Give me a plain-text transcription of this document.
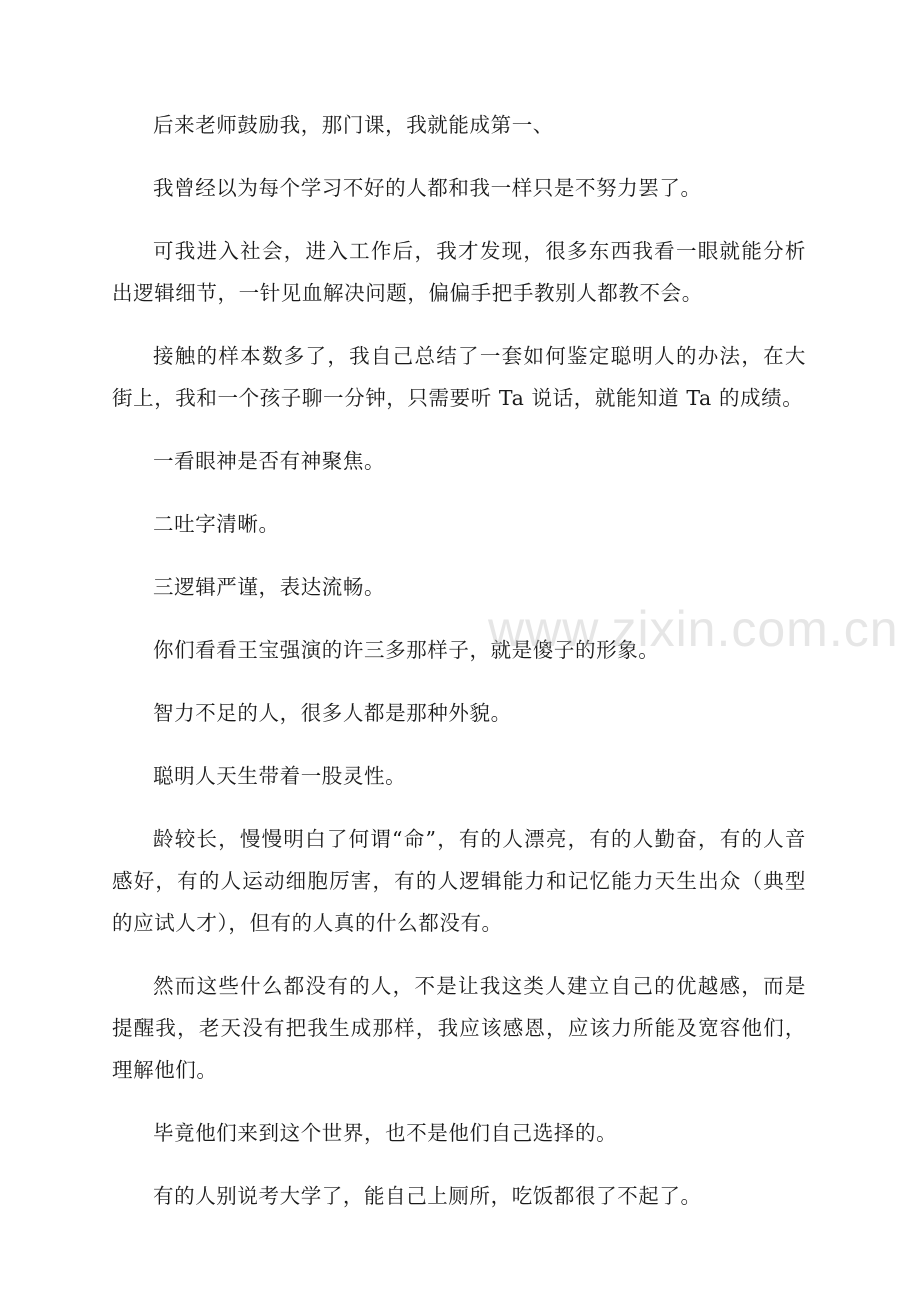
后来老师鼓励我，那门课，我就能成第一、

我曾经以为每个学习不好的人都和我一样只是不努力罢了。

可我进入社会，进入工作后，我才发现，很多东西我看一眼就能分析出逻辑细节，一针见血解决问题，偏偏手把手教别人都教不会。

接触的样本数多了，我自己总结了一套如何鉴定聪明人的办法，在大街上，我和一个孩子聊一分钟，只需要听 Ta 说话，就能知道 Ta 的成绩。

一看眼神是否有神聚焦。

二吐字清晰。

三逻辑严谨，表达流畅。

你们看看王宝强演的许三多那样子，就是傻子的形象。

智力不足的人，很多人都是那种外貌。

聪明人天生带着一股灵性。

龄较长，慢慢明白了何谓“命”，有的人漂亮，有的人勤奋，有的人音感好，有的人运动细胞厉害，有的人逻辑能力和记忆能力天生出众（典型的应试人才），但有的人真的什么都没有。

然而这些什么都没有的人，不是让我这类人建立自己的优越感，而是提醒我，老天没有把我生成那样，我应该感恩，应该力所能及宽容他们，理解他们。

毕竟他们来到这个世界，也不是他们自己选择的。

有的人别说考大学了，能自己上厕所，吃饭都很了不起了。

www.zixin.com.cn
